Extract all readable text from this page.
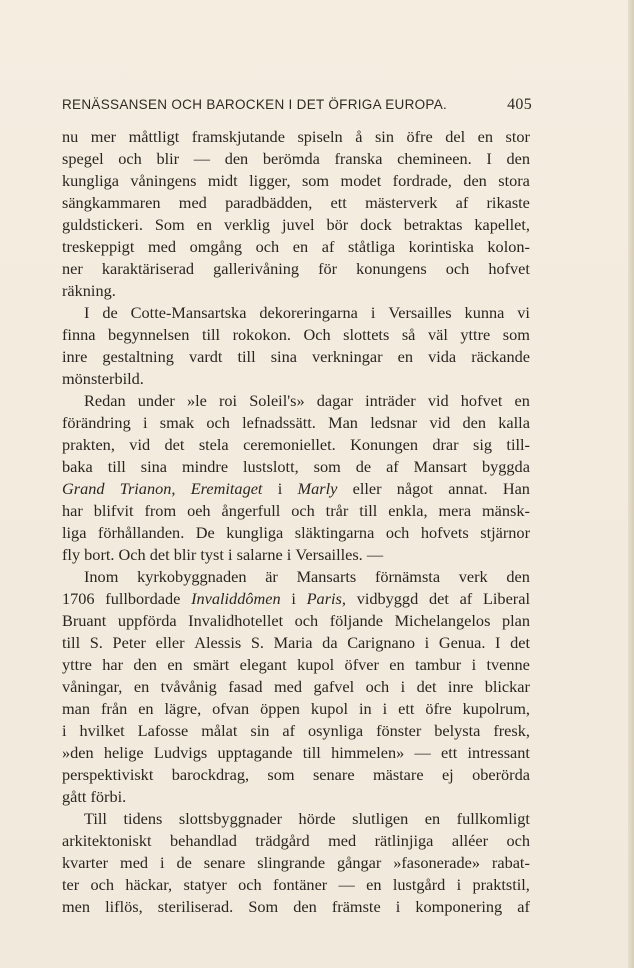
RENÄSSANSEN OCH BAROCKEN I DET ÖFRIGA EUROPA.	405
nu mer måttligt framskjutande spiseln å sin öfre del en stor
spegel och blir — den berömda franska chemineen. I den
kungliga våningens midt ligger, som modet fordrade, den stora
sängkammaren med paradbädden, ett mästerverk af rikaste
guldstickeri. Som en verklig juvel bör dock betraktas kapellet,
treskeppigt med omgång och en af ståtliga korintiska kolon-
ner karaktäriserad gallerivåning för konungens och hofvet
räkning.
I de Cotte-Mansartska dekoreringarna i Versailles kunna vi
finna begynnelsen till rokokon. Och slottets så väl yttre som
inre gestaltning vardt till sina verkningar en vida räckande
mönsterbild.
Redan under »le roi Soleil's» dagar inträder vid hofvet en
förändring i smak och lefnadssätt. Man ledsnar vid den kalla
prakten, vid det stela ceremoniellet. Konungen drar sig till-
baka till sina mindre lustslott, som de af Mansart byggda
Grand Trianon, Eremitaget i Marly eller något annat. Han
har blifvit from oeh ångerfull och trår till enkla, mera mänsk-
liga förhållanden. De kungliga släktingarna och hofvets stjärnor
fly bort. Och det blir tyst i salarne i Versailles. —
Inom kyrkobyggnaden är Mansarts förnämsta verk den
1706 fullbordade Invaliddômen i Paris, vidbyggd det af Liberal
Bruant uppförda Invalidhotellet och följande Michelangelos plan
till S. Peter eller Alessis S. Maria da Carignano i Genua. I det
yttre har den en smärt elegant kupol öfver en tambur i tvenne
våningar, en tvåvånig fasad med gafvel och i det inre blickar
man från en lägre, ofvan öppen kupol in i ett öfre kupolrum,
i hvilket Lafosse målat sin af osynliga fönster belysta fresk,
»den helige Ludvigs upptagande till himmelen» — ett intressant
perspektiviskt barockdrag, som senare mästare ej oberörda
gått förbi.
Till tidens slottsbyggnader hörde slutligen en fullkomligt
arkitektoniskt behandlad trädgård med rätlinjiga alléer och
kvarter med i de senare slingrande gångar »fasonerade» rabat-
ter och häckar, statyer och fontäner — en lustgård i praktstil,
men liflös, steriliserad. Som den främste i komponering af
